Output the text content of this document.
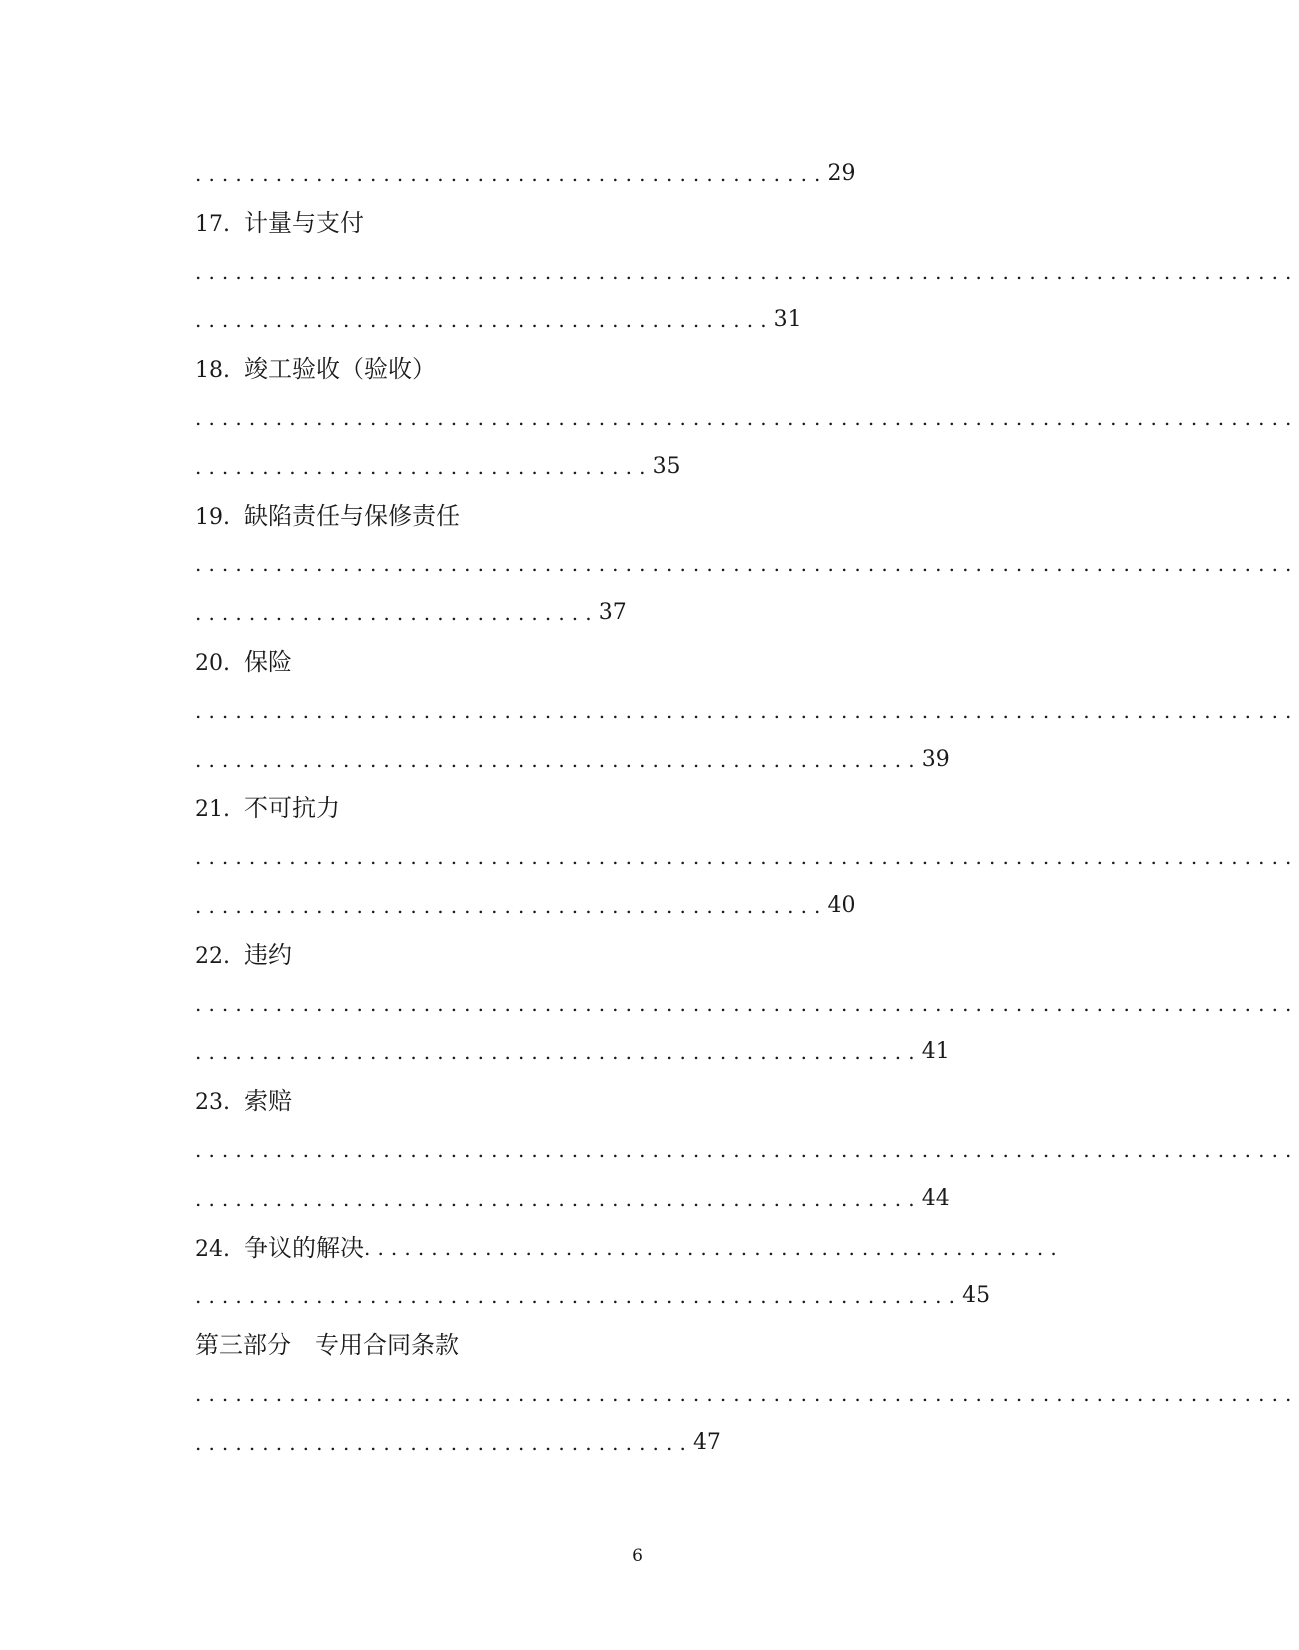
...............................................29
17. 计量与支付
..................................................................................
...........................................31
18. 竣工验收（验收）
..................................................................................
..................................35
19. 缺陷责任与保修责任
..................................................................................
..............................37
20. 保险
..................................................................................
......................................................39
21. 不可抗力
..................................................................................
...............................................40
22. 违约
..................................................................................
......................................................41
23. 索赔
..................................................................................
......................................................44
24. 争议的解决....................................................
.........................................................45
第三部分　专用合同条款
..................................................................................
.....................................47
6
